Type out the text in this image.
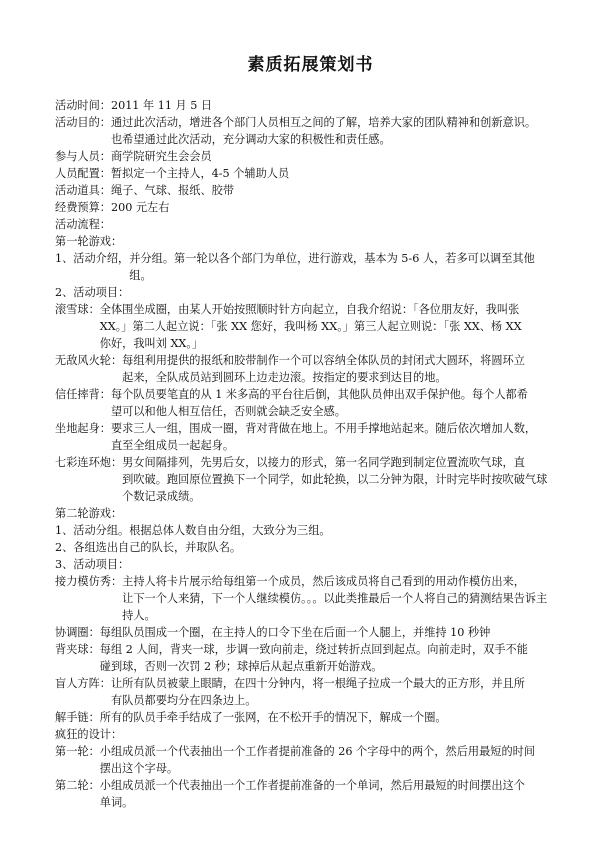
素质拓展策划书
活动时间： 2011 年 11 月 5 日
活动目的： 通过此次活动，增进各个部门人员相互之间的了解，培养大家的团队精神和创新意识。
也希望通过此次活动，充分调动大家的积极性和责任感。
参与人员： 商学院研究生会会员
人员配置： 暂拟定一个主持人，4-5 个辅助人员
活动道具： 绳子、气球、报纸、胶带
经费预算： 200 元左右
活动流程：
第一轮游戏：
1、活动介绍， 并分组。第一轮以各个部门为单位，进行游戏，基本为 5-6 人，若多可以调至其他
组。
2、活动项目：
滚雪球： 全体围坐成圈，由某人开始按照顺时针方向起立，自我介绍说：「各位朋友好，我叫张
XX。」第二人起立说：「张 XX 您好，我叫杨 XX。」第三人起立则说：「张 XX、杨 XX
你好，我叫刘 XX。」
无敌风火轮： 每组利用提供的报纸和胶带制作一个可以容纳全体队员的封闭式大圆环，将圆环立
起来，全队成员站到圆环上边走边滚。按指定的要求到达目的地。
信任摔背： 每个队员要笔直的从 1 米多高的平台往后倒，其他队员伸出双手保护他。每个人都希
望可以和他人相互信任，否则就会缺乏安全感。
坐地起身： 要求三人一组，围成一圈，背对背做在地上。不用手撑地站起来。随后依次增加人数，
直至全组成员一起起身。
七彩连环炮： 男女间隔排列，先男后女，以接力的形式，第一名同学跑到制定位置流吹气球，直
到吹破。跑回原位置换下一个同学，如此轮换，以二分钟为限，计时完毕时按吹破气球
个数记录成绩。
第二轮游戏：
1、活动分组。根据总体人数自由分组，大致分为三组。
2、各组选出自己的队长，并取队名。
3、活动项目：
接力模仿秀： 主持人将卡片展示给每组第一个成员，然后该成员将自己看到的用动作模仿出来，
让下一个人来猜，下一个人继续模仿。。。以此类推最后一个人将自己的猜测结果告诉主
持人。
协调圈： 每组队员围成一个圈，在主持人的口令下坐在后面一个人腿上，并维持 10 秒钟
背夹球： 每组 2 人间，背夹一球，步调一致向前走，绕过转折点回到起点。向前走时，双手不能
碰到球，否则一次罚 2 秒；球掉后从起点重新开始游戏。
盲人方阵： 让所有队员被蒙上眼睛，在四十分钟内，将一根绳子拉成一个最大的正方形，并且所
有队员都要均分在四条边上。
解手链： 所有的队员手牵手结成了一张网，在不松开手的情况下，解成一个圈。
疯狂的设计：
第一轮： 小组成员派一个代表抽出一个工作者提前准备的 26 个字母中的两个，然后用最短的时间
摆出这个字母。
第二轮： 小组成员派一个代表抽出一个工作者提前准备的一个单词，然后用最短的时间摆出这个
单词。
